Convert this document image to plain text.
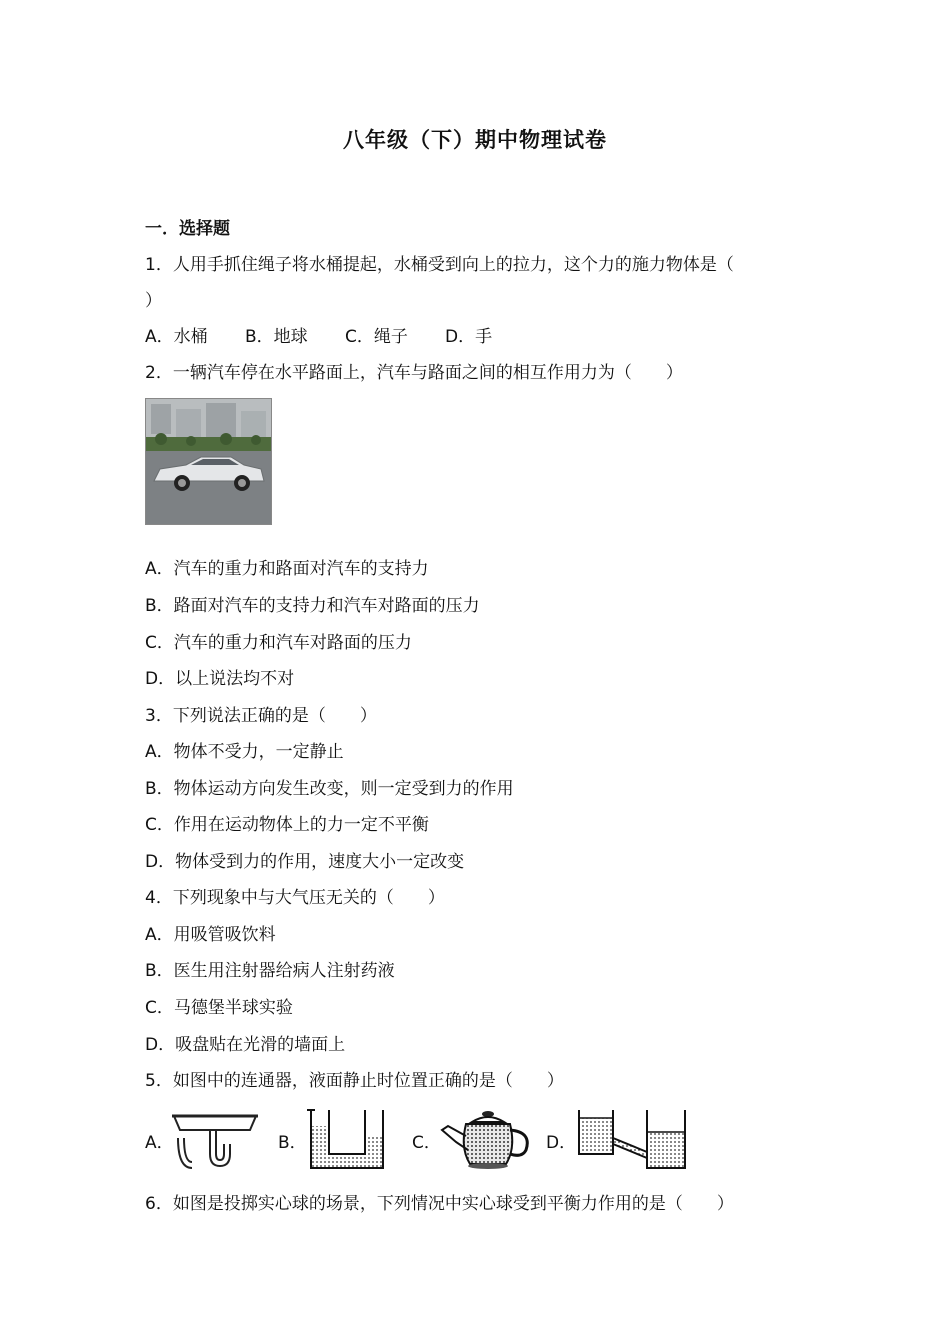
八年级（下）期中物理试卷
一．选择题
1．人用手抓住绳子将水桶提起，水桶受到向上的拉力，这个力的施力物体是（
）
A．水桶 B．地球 C．绳子 D．手
2．一辆汽车停在水平路面上，汽车与路面之间的相互作用力为（　　）
A．汽车的重力和路面对汽车的支持力
B．路面对汽车的支持力和汽车对路面的压力
C．汽车的重力和汽车对路面的压力
D．以上说法均不对
3．下列说法正确的是（　　）
A．物体不受力，一定静止
B．物体运动方向发生改变，则一定受到力的作用
C．作用在运动物体上的力一定不平衡
D．物体受到力的作用，速度大小一定改变
4．下列现象中与大气压无关的（　　）
A．用吸管吸饮料
B．医生用注射器给病人注射药液
C．马德堡半球实验
D．吸盘贴在光滑的墙面上
5．如图中的连通器，液面静止时位置正确的是（　　）
A．	B．	C．	D．
6．如图是投掷实心球的场景，下列情况中实心球受到平衡力作用的是（　　）
